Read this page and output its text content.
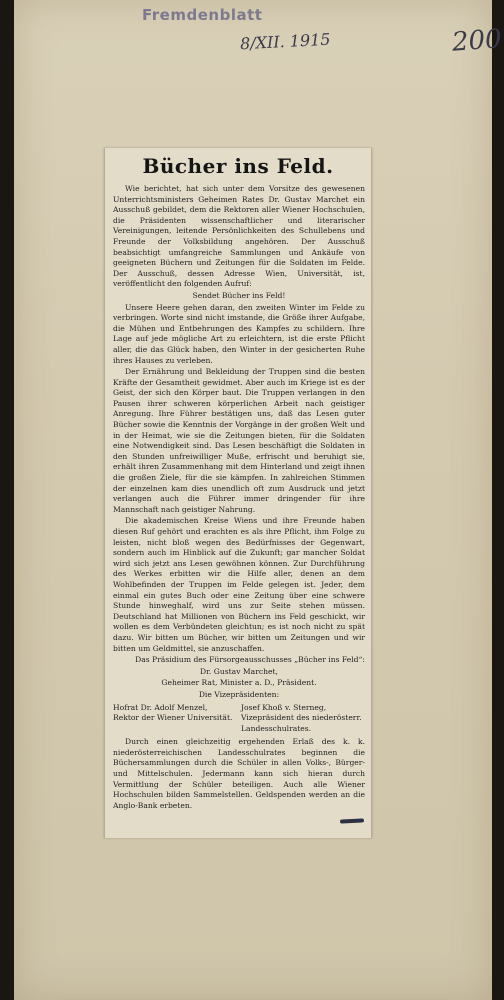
Fremdenblatt
8/XII. 1915	200
Bücher ins Feld.

Wie berichtet, hat sich unter dem Vorsitze des gewesenen Unterrichtsministers Geheimen Rates Dr. Gustav Marchet ein Ausschuß gebildet, dem die Rektoren aller Wiener Hochschulen, die Präsidenten wissenschaftlicher und literarischer Vereinigungen, leitende Persönlichkeiten des Schullebens und Freunde der Volksbildung angehören. Der Ausschuß beabsichtigt umfangreiche Sammlungen und Ankäufe von geeigneten Büchern und Zeitungen für die Soldaten im Felde. Der Ausschuß, dessen Adresse Wien, Universität, ist, veröffentlicht den folgenden Aufruf:

Sendet Bücher ins Feld!

Unsere Heere gehen daran, den zweiten Winter im Felde zu verbringen. Worte sind nicht imstande, die Größe ihrer Aufgabe, die Mühen und Entbehrungen des Kampfes zu schildern. Ihre Lage auf jede mögliche Art zu erleichtern, ist die erste Pflicht aller, die das Glück haben, den Winter in der gesicherten Ruhe ihres Hauses zu verleben.

Der Ernährung und Bekleidung der Truppen sind die besten Kräfte der Gesamtheit gewidmet. Aber auch im Kriege ist es der Geist, der sich den Körper baut. Die Truppen verlangen in den Pausen ihrer schweren körperlichen Arbeit nach geistiger Anregung. Ihre Führer bestätigen uns, daß das Lesen guter Bücher sowie die Kenntnis der Vorgänge in der großen Welt und in der Heimat, wie sie die Zeitungen bieten, für die Soldaten eine Notwendigkeit sind. Das Lesen beschäftigt die Soldaten in den Stunden unfreiwilliger Muße, erfrischt und beruhigt sie, erhält ihren Zusammenhang mit dem Hinterland und zeigt ihnen die großen Ziele, für die sie kämpfen. In zahlreichen Stimmen der einzelnen kam dies unendlich oft zum Ausdruck und jetzt verlangen auch die Führer immer dringender für ihre Mannschaft nach geistiger Nahrung.

Die akademischen Kreise Wiens und ihre Freunde haben diesen Ruf gehört und erachten es als ihre Pflicht, ihm Folge zu leisten, nicht bloß wegen des Bedürfnisses der Gegenwart, sondern auch im Hinblick auf die Zukunft; gar mancher Soldat wird sich jetzt ans Lesen gewöhnen können. Zur Durchführung des Werkes erbitten wir die Hilfe aller, denen an dem Wohlbefinden der Truppen im Felde gelegen ist. Jeder, dem einmal ein gutes Buch oder eine Zeitung über eine schwere Stunde hinweghalf, wird uns zur Seite stehen müssen. Deutschland hat Millionen von Büchern ins Feld geschickt, wir wollen es dem Verbündeten gleichtun; es ist noch nicht zu spät dazu. Wir bitten um Bücher, wir bitten um Zeitungen und wir bitten um Geldmittel, sie anzuschaffen.

Das Präsidium des Fürsorgeausschusses „Bücher ins Feld“:

Dr. Gustav Marchet,

Geheimer Rat, Minister a. D., Präsident.

Die Vizepräsidenten:

Hofrat Dr. Adolf Menzel,
Rektor der Wiener Universität.
Josef Khoß v. Sterneg,
Vizepräsident des niederösterr. Landesschulrates.

Durch einen gleichzeitig ergehenden Erlaß des k. k. niederösterreichischen Landesschulrates beginnen die Büchersammlungen durch die Schüler in allen Volks-, Bürger- und Mittelschulen. Jedermann kann sich hieran durch Vermittlung der Schüler beteiligen. Auch alle Wiener Hochschulen bilden Sammelstellen. Geldspenden werden an die Anglo-Bank erbeten.
